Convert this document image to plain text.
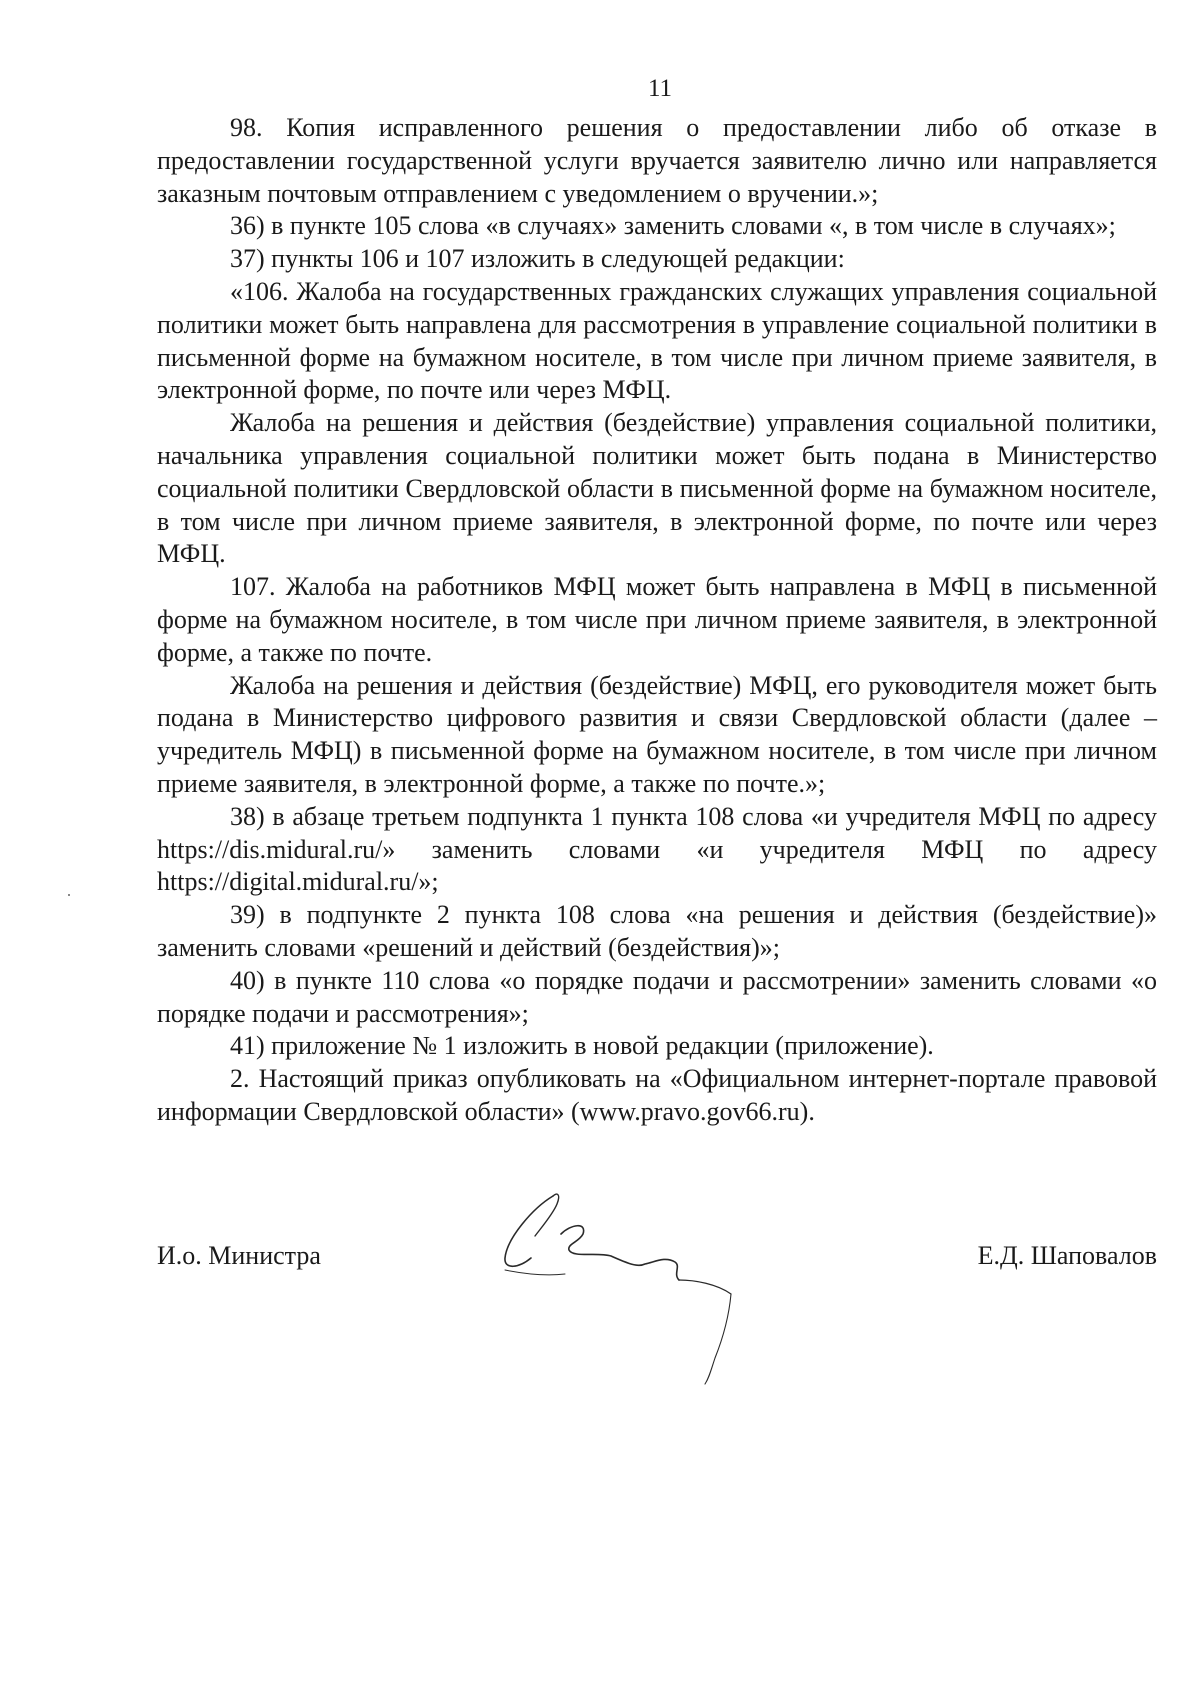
11

98. Копия исправленного решения о предоставлении либо об отказе в предоставлении государственной услуги вручается заявителю лично или направляется заказным почтовым отправлением с уведомлением о вручении.»;

36) в пункте 105 слова «в случаях» заменить словами «, в том числе в случаях»;

37) пункты 106 и 107 изложить в следующей редакции:

«106. Жалоба на государственных гражданских служащих управления социальной политики может быть направлена для рассмотрения в управление социальной политики в письменной форме на бумажном носителе, в том числе при личном приеме заявителя, в электронной форме, по почте или через МФЦ.

Жалоба на решения и действия (бездействие) управления социальной политики, начальника управления социальной политики может быть подана в Министерство социальной политики Свердловской области в письменной форме на бумажном носителе, в том числе при личном приеме заявителя, в электронной форме, по почте или через МФЦ.

107. Жалоба на работников МФЦ может быть направлена в МФЦ в письменной форме на бумажном носителе, в том числе при личном приеме заявителя, в электронной форме, а также по почте.

Жалоба на решения и действия (бездействие) МФЦ, его руководителя может быть подана в Министерство цифрового развития и связи Свердловской области (далее – учредитель МФЦ) в письменной форме на бумажном носителе, в том числе при личном приеме заявителя, в электронной форме, а также по почте.»;

38) в абзаце третьем подпункта 1 пункта 108 слова «и учредителя МФЦ по адресу https://dis.midural.ru/» заменить словами «и учредителя МФЦ по адресу https://digital.midural.ru/»;

39) в подпункте 2 пункта 108 слова «на решения и действия (бездействие)» заменить словами «решений и действий (бездействия)»;

40) в пункте 110 слова «о порядке подачи и рассмотрении» заменить словами «о порядке подачи и рассмотрения»;

41) приложение № 1 изложить в новой редакции (приложение).

2. Настоящий приказ опубликовать на «Официальном интернет-портале правовой информации Свердловской области» (www.pravo.gov66.ru).

И.о. Министра	Е.Д. Шаповалов
